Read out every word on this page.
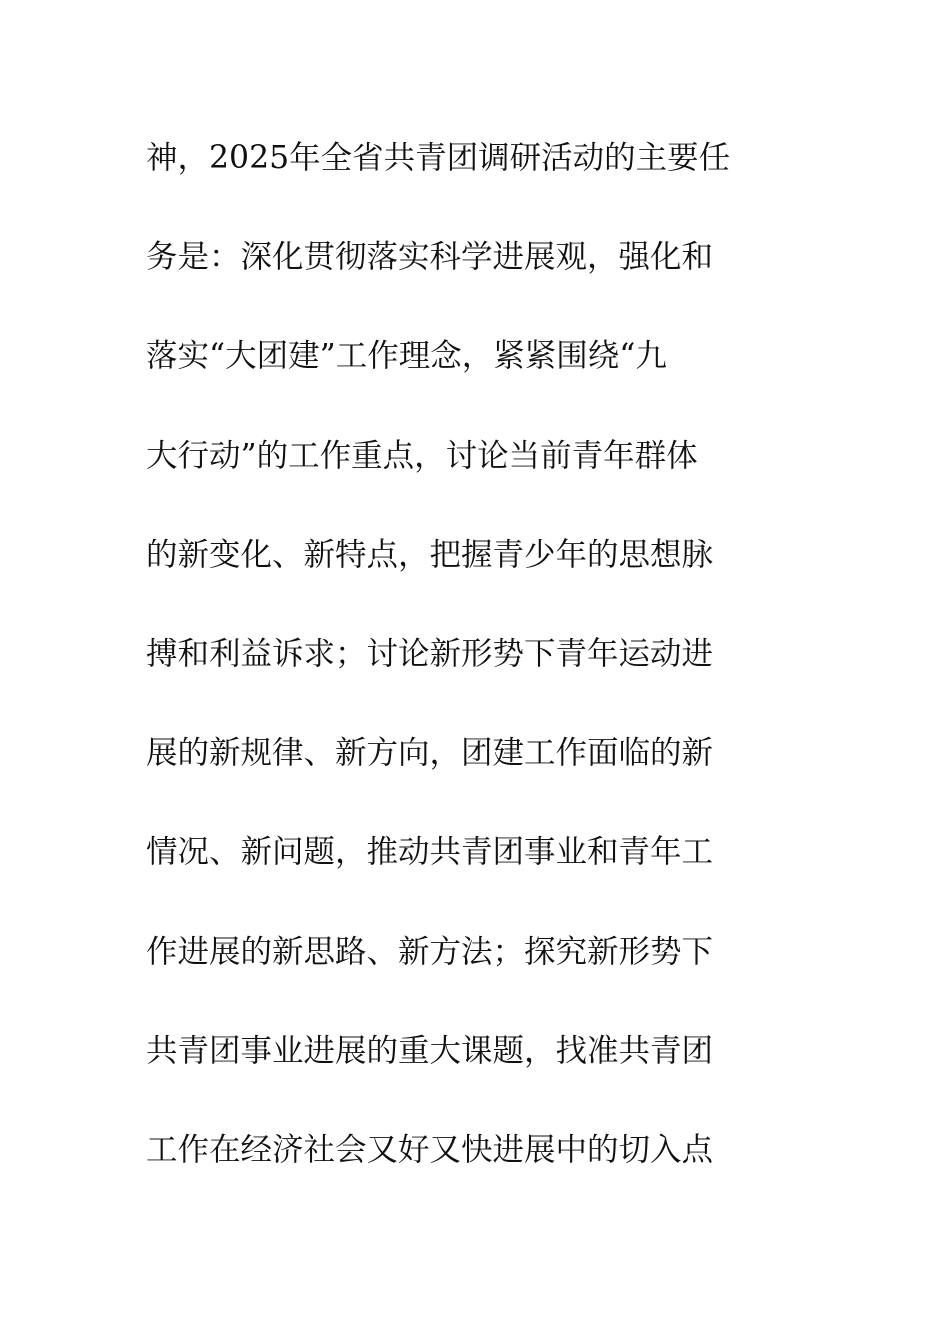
神，2025年全省共青团调研活动的主要任
务是：深化贯彻落实科学进展观，强化和
落实“大团建”工作理念，紧紧围绕“九
大行动”的工作重点，讨论当前青年群体
的新变化、新特点，把握青少年的思想脉
搏和利益诉求；讨论新形势下青年运动进
展的新规律、新方向，团建工作面临的新
情况、新问题，推动共青团事业和青年工
作进展的新思路、新方法；探究新形势下
共青团事业进展的重大课题，找准共青团
工作在经济社会又好又快进展中的切入点
